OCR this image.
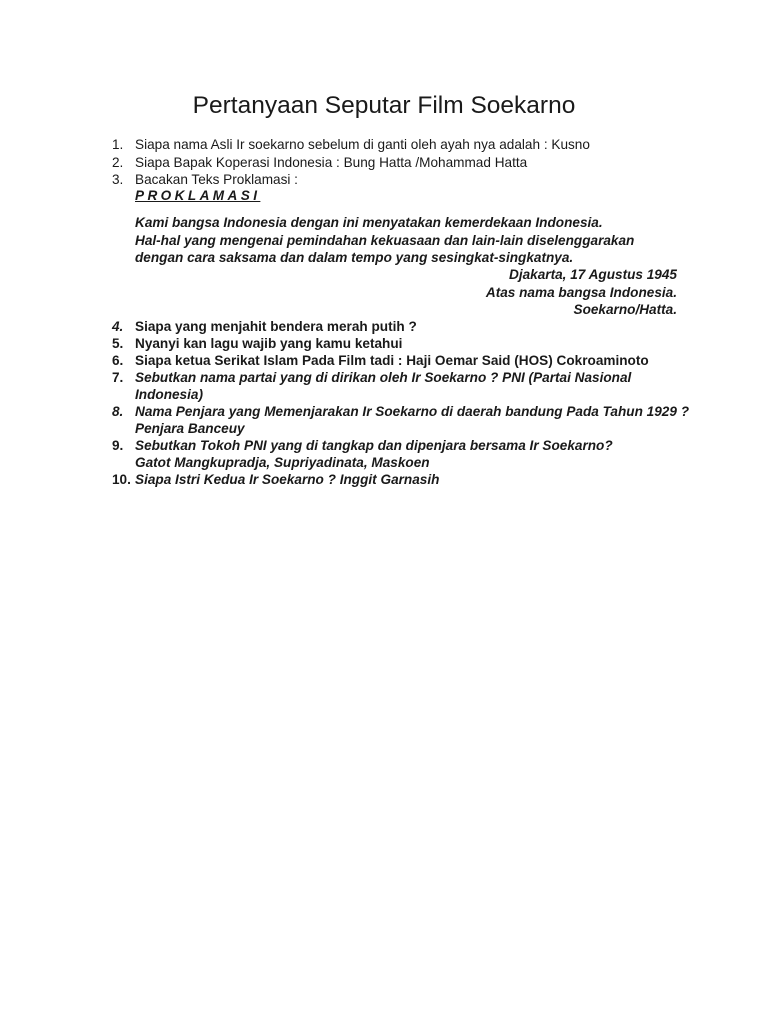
Pertanyaan Seputar Film Soekarno
1. Siapa nama Asli Ir soekarno sebelum di ganti oleh ayah nya adalah : Kusno
2. Siapa Bapak Koperasi Indonesia : Bung Hatta /Mohammad Hatta
3. Bacakan Teks Proklamasi :
PROKLAMASI
Kami bangsa Indonesia dengan ini menyatakan kemerdekaan Indonesia.
Hal-hal yang mengenai pemindahan kekuasaan dan lain-lain diselenggarakan
dengan cara saksama dan dalam tempo yang sesingkat-singkatnya.
Djakarta, 17 Agustus 1945
Atas nama bangsa Indonesia.
Soekarno/Hatta.
4. Siapa yang menjahit bendera merah putih ?
5. Nyanyi kan lagu wajib yang kamu ketahui
6. Siapa ketua Serikat Islam Pada Film tadi : Haji Oemar Said (HOS) Cokroaminoto
7. Sebutkan nama partai yang di dirikan oleh Ir Soekarno ? PNI (Partai Nasional
Indonesia)
8. Nama Penjara yang Memenjarakan Ir Soekarno di daerah bandung Pada Tahun 1929 ?
Penjara Banceuy
9. Sebutkan Tokoh PNI yang di tangkap dan dipenjara bersama Ir Soekarno?
Gatot Mangkupradja, Supriyadinata, Maskoen
10. Siapa Istri Kedua Ir Soekarno ? Inggit Garnasih
